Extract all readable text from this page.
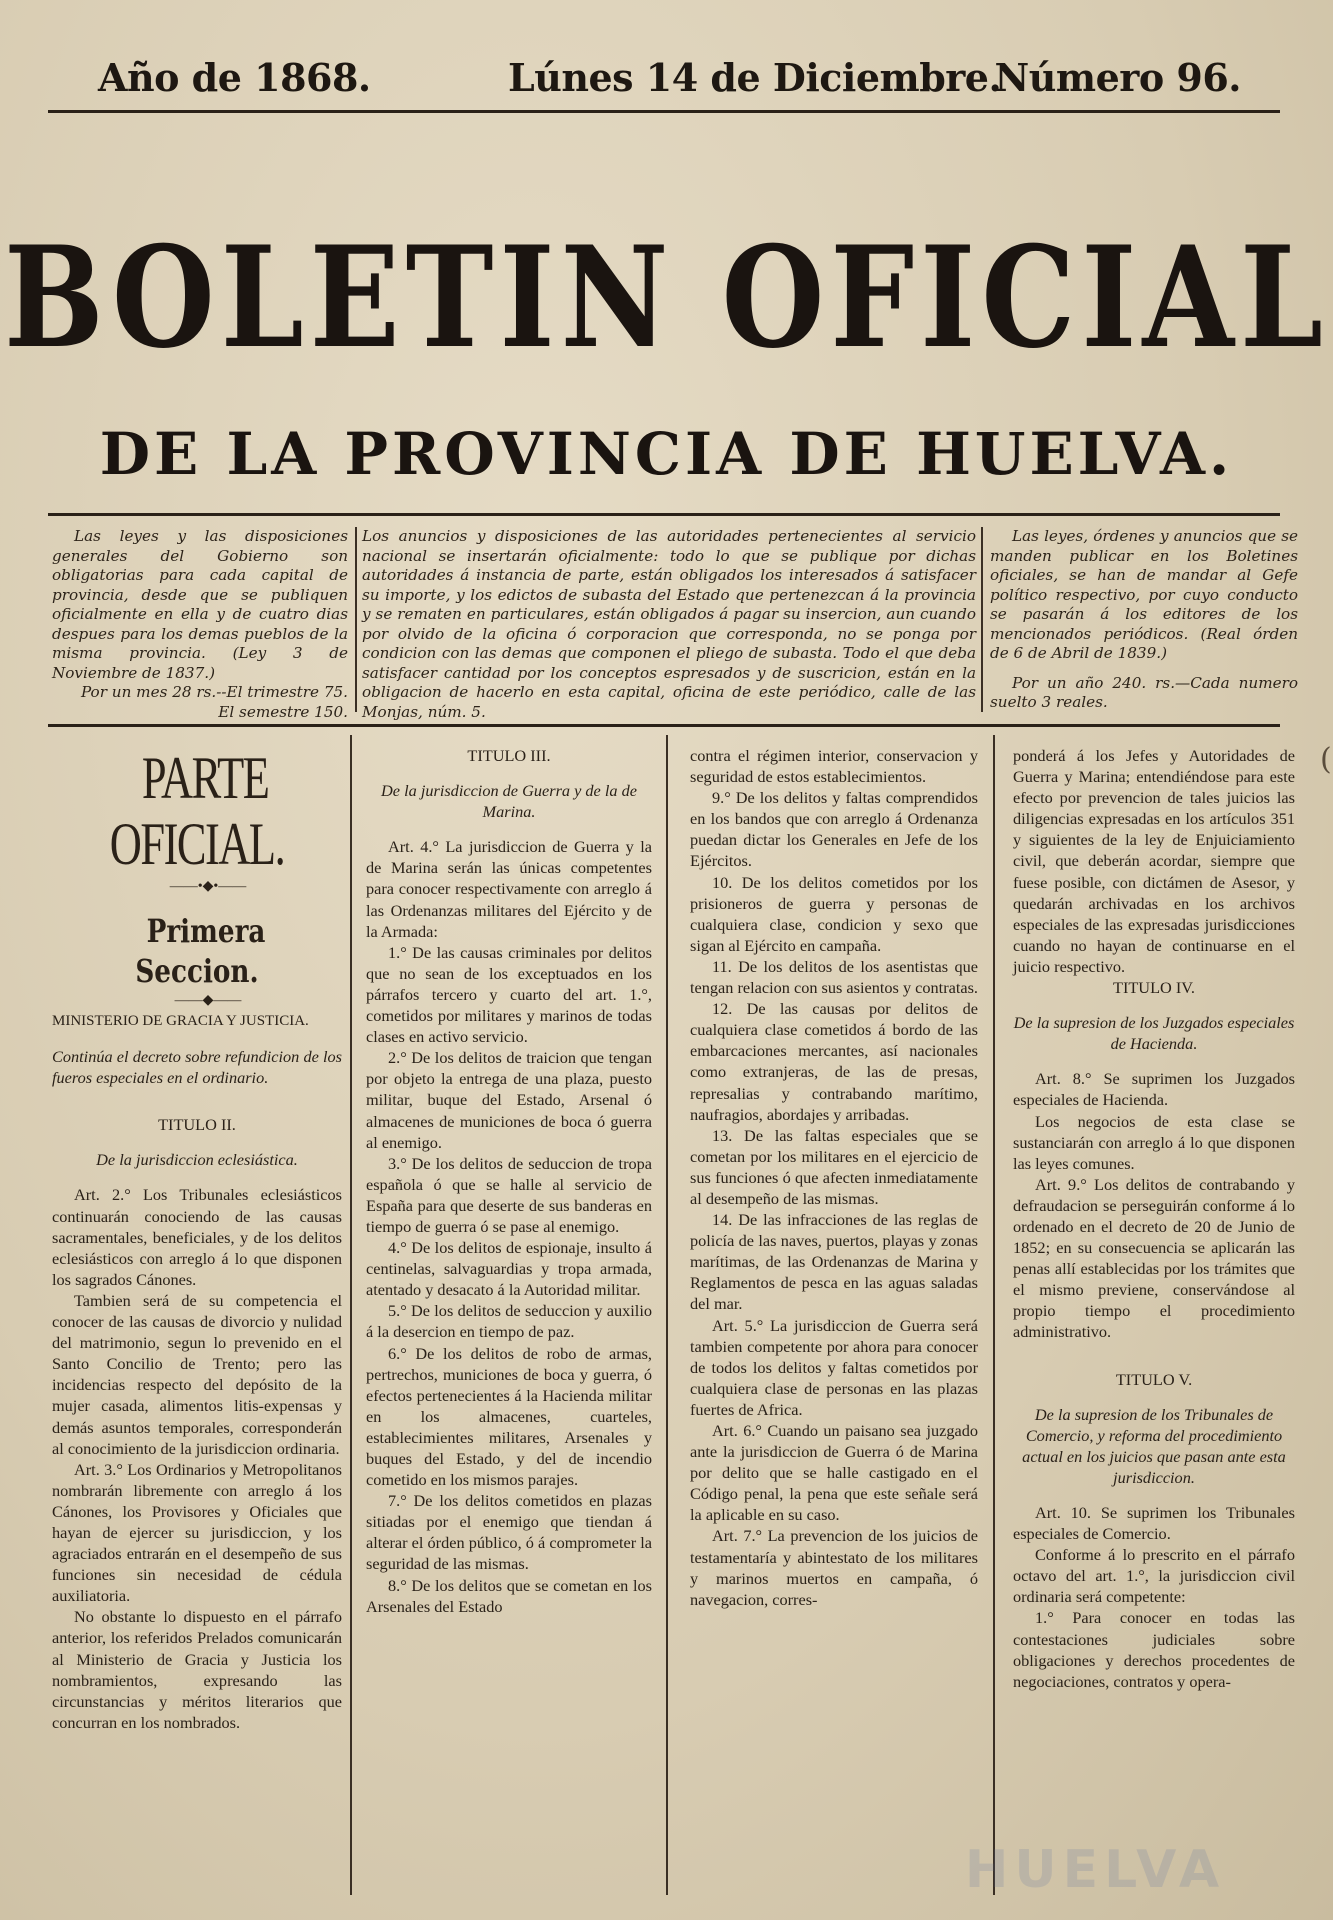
Año de 1868.	Lúnes 14 de Diciembre.
Número 96.
BOLETIN OFICIAL
DE LA PROVINCIA DE HUELVA.

Las leyes y las disposiciones generales del Gobierno son obligatorias para cada capital de provincia, desde que se publiquen oficialmente en ella y de cuatro dias despues para los demas pueblos de la misma provincia. (Ley 3 de Noviembre de 1837.)

Por un mes 28 rs.--El trimestre 75. El semestre 150.

Los anuncios y disposiciones de las autoridades pertenecientes al servicio nacional se insertarán oficialmente: todo lo que se publique por dichas autoridades á instancia de parte, están obligados los interesados á satisfacer su importe, y los edictos de subasta del Estado que pertenezcan á la provincia y se rematen en particulares, están obligados á pagar su insercion, aun cuando por olvido de la oficina ó corporacion que corresponda, no se ponga por condicion con las demas que componen el pliego de subasta. Todo el que deba satisfacer cantidad por los conceptos espresados y de suscricion, están en la obligacion de hacerlo en esta capital, oficina de este periódico, calle de las Monjas, núm. 5.

Las leyes, órdenes y anuncios que se manden publicar en los Boletines oficiales, se han de mandar al Gefe político respectivo, por cuyo conducto se pasarán á los editores de los mencionados periódicos. (Real órden de 6 de Abril de 1839.)

Por un año 240. rs.—Cada numero suelto 3 reales.

PARTE OFICIAL.

——•◆•——

Primera Seccion.

——◆——

MINISTERIO DE GRACIA Y JUSTICIA.

Continúa el decreto sobre refundicion de los fueros especiales en el ordinario.

TITULO II.

De la jurisdiccion eclesiástica.

Art. 2.° Los Tribunales eclesiásticos continuarán conociendo de las causas sacramentales, beneficiales, y de los delitos eclesiásticos con arreglo á lo que disponen los sagrados Cánones.

Tambien será de su competencia el conocer de las causas de divorcio y nulidad del matrimonio, segun lo prevenido en el Santo Concilio de Trento; pero las incidencias respecto del depósito de la mujer casada, alimentos litis-expensas y demás asuntos temporales, corresponderán al conocimiento de la jurisdiccion ordinaria.

Art. 3.° Los Ordinarios y Metropolitanos nombrarán libremente con arreglo á los Cánones, los Provisores y Oficiales que hayan de ejercer su jurisdiccion, y los agraciados entrarán en el desempeño de sus funciones sin necesidad de cédula auxiliatoria.

No obstante lo dispuesto en el párrafo anterior, los referidos Prelados comunicarán al Ministerio de Gracia y Justicia los nombramientos, expresando las circunstancias y méritos literarios que concurran en los nombrados.

TITULO III.

De la jurisdiccion de Guerra y de la de Marina.

Art. 4.° La jurisdiccion de Guerra y la de Marina serán las únicas competentes para conocer respectivamente con arreglo á las Ordenanzas militares del Ejército y de la Armada:

1.° De las causas criminales por delitos que no sean de los exceptuados en los párrafos tercero y cuarto del art. 1.°, cometidos por militares y marinos de todas clases en activo servicio.

2.° De los delitos de traicion que tengan por objeto la entrega de una plaza, puesto militar, buque del Estado, Arsenal ó almacenes de municiones de boca ó guerra al enemigo.

3.° De los delitos de seduccion de tropa española ó que se halle al servicio de España para que deserte de sus banderas en tiempo de guerra ó se pase al enemigo.

4.° De los delitos de espionaje, insulto á centinelas, salvaguardias y tropa armada, atentado y desacato á la Autoridad militar.

5.° De los delitos de seduccion y auxilio á la desercion en tiempo de paz.

6.° De los delitos de robo de armas, pertrechos, municiones de boca y guerra, ó efectos pertenecientes á la Hacienda militar en los almacenes, cuarteles, establecimientes militares, Arsenales y buques del Estado, y del de incendio cometido en los mismos parajes.

7.° De los delitos cometidos en plazas sitiadas por el enemigo que tiendan á alterar el órden público, ó á comprometer la seguridad de las mismas.

8.° De los delitos que se cometan en los Arsenales del Estado

contra el régimen interior, conservacion y seguridad de estos establecimientos.

9.° De los delitos y faltas comprendidos en los bandos que con arreglo á Ordenanza puedan dictar los Generales en Jefe de los Ejércitos.

10. De los delitos cometidos por los prisioneros de guerra y personas de cualquiera clase, condicion y sexo que sigan al Ejército en campaña.

11. De los delitos de los asentistas que tengan relacion con sus asientos y contratas.

12. De las causas por delitos de cualquiera clase cometidos á bordo de las embarcaciones mercantes, así nacionales como extranjeras, de las de presas, represalias y contrabando marítimo, naufragios, abordajes y arribadas.

13. De las faltas especiales que se cometan por los militares en el ejercicio de sus funciones ó que afecten inmediatamente al desempeño de las mismas.

14. De las infracciones de las reglas de policía de las naves, puertos, playas y zonas marítimas, de las Ordenanzas de Marina y Reglamentos de pesca en las aguas saladas del mar.

Art. 5.° La jurisdiccion de Guerra será tambien competente por ahora para conocer de todos los delitos y faltas cometidos por cualquiera clase de personas en las plazas fuertes de Africa.

Art. 6.° Cuando un paisano sea juzgado ante la jurisdiccion de Guerra ó de Marina por delito que se halle castigado en el Código penal, la pena que este señale será la aplicable en su caso.

Art. 7.° La prevencion de los juicios de testamentaría y abintestato de los militares y marinos muertos en campaña, ó navegacion, corres-

ponderá á los Jefes y Autoridades de Guerra y Marina; entendiéndose para este efecto por prevencion de tales juicios las diligencias expresadas en los artículos 351 y siguientes de la ley de Enjuiciamiento civil, que deberán acordar, siempre que fuese posible, con dictámen de Asesor, y quedarán archivadas en los archivos especiales de las expresadas jurisdicciones cuando no hayan de continuarse en el juicio respectivo.

TITULO IV.

De la supresion de los Juzgados especiales de Hacienda.

Art. 8.° Se suprimen los Juzgados especiales de Hacienda.

Los negocios de esta clase se sustanciarán con arreglo á lo que disponen las leyes comunes.

Art. 9.° Los delitos de contrabando y defraudacion se perseguirán conforme á lo ordenado en el decreto de 20 de Junio de 1852; en su consecuencia se aplicarán las penas allí establecidas por los trámites que el mismo previene, conservándose al propio tiempo el procedimiento administrativo.

TITULO V.

De la supresion de los Tribunales de Comercio, y reforma del procedimiento actual en los juicios que pasan ante esta jurisdiccion.

Art. 10. Se suprimen los Tribunales especiales de Comercio.

Conforme á lo prescrito en el párrafo octavo del art. 1.°, la jurisdiccion civil ordinaria será competente:

1.° Para conocer en todas las contestaciones judiciales sobre obligaciones y derechos procedentes de negociaciones, contratos y opera-

(
HUELVA
